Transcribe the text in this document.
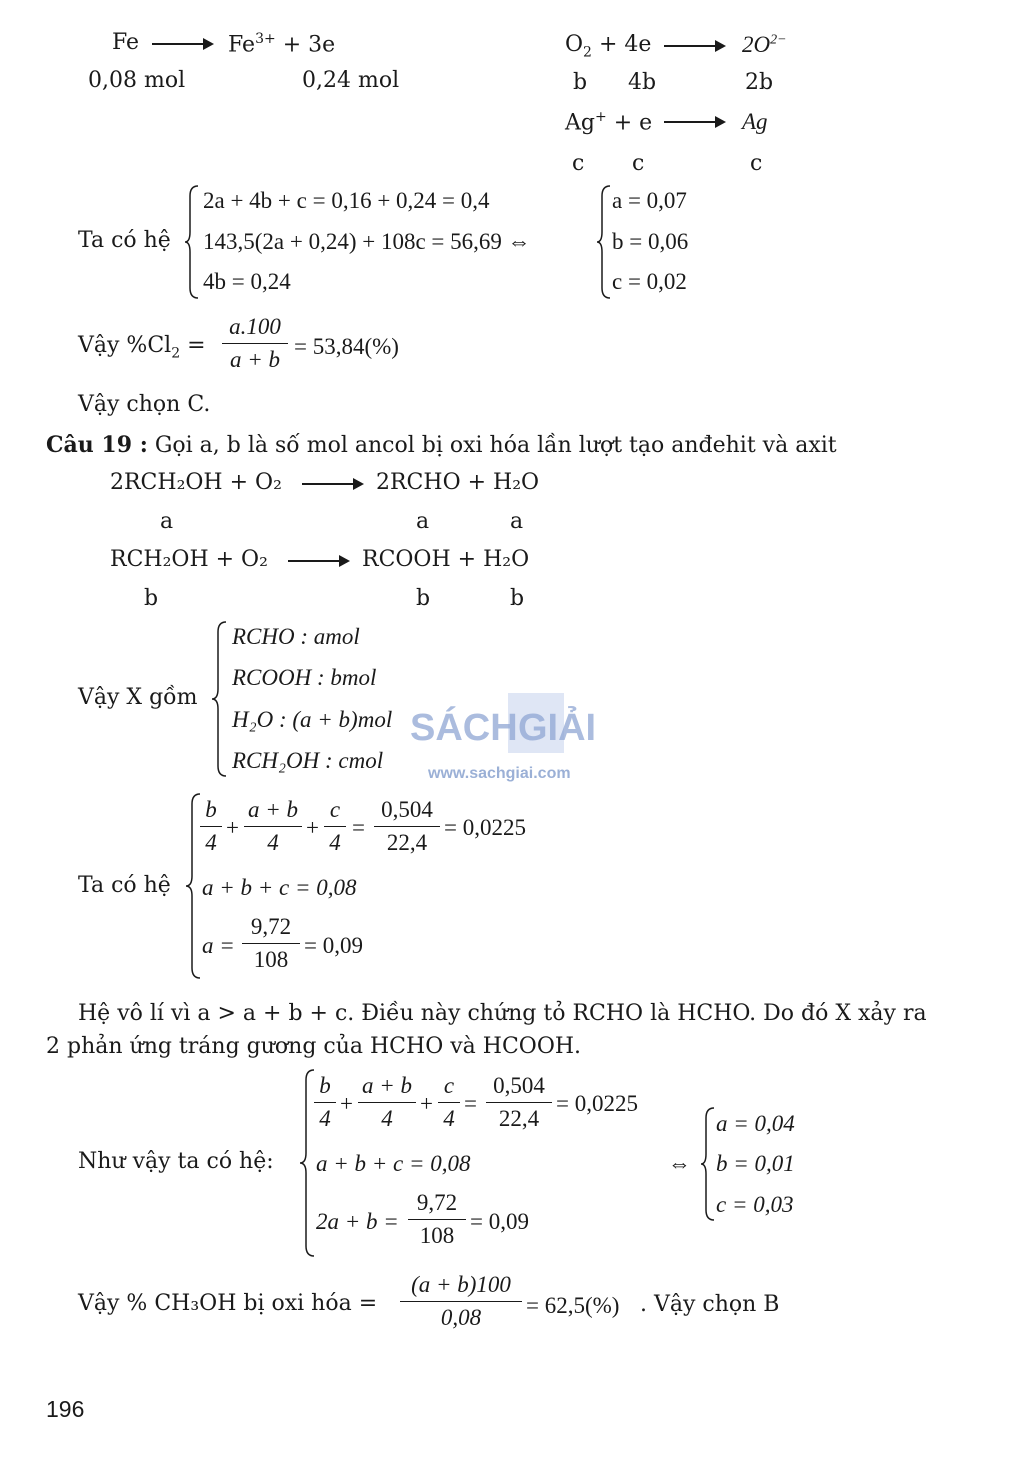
Fe	$Fe^{3+} + 3e$
0,08 mol	0,24 mol
$O_2 + 4e$	$2O^{2-}$
b 4b	2b
Ag+ + e	Ag
c c	c
Ta có hệ
2a + 4b + c = 0,16 + 0,24 = 0,4
143,5(2a + 0,24) + 108c = 56,69 ⇔
4b = 0,24
a = 0,07
b = 0,06
c = 0,02
Vậy $\%Cl_2$ =
a.100
a + b
= 53,84(%)
Vậy chọn C.
Câu 19 : Gọi a, b là số mol ancol bị oxi hóa lần lượt tạo anđehit và axit
2RCH₂OH + O₂	2RCHO + H₂O
a	a	a
RCH₂OH + O₂	RCOOH + H₂O
b	b	b
Vậy X gồm
RCHO : amol
RCOOH : bmol
H₂O : (a + b)mol
RCH₂OH : cmol
SÁCH GIẢI
www.sachgiai.com
Ta có hệ
b
4
+
a + b
4
+
c
4
=
0,504
22,4
= 0,0225
a + b + c = 0,08
a =
9,72
108
= 0,09
Hệ vô lí vì a > a + b + c. Điều này chứng tỏ RCHO là HCHO. Do đó X xảy ra
2 phản ứng tráng gương của HCHO và HCOOH.
Như vậy ta có hệ:
b
4
+
a + b
4
+
c
4
=
0,504
22,4
= 0,0225
a + b + c = 0,08
2a + b =
9,72
108
= 0,09
⇔
a = 0,04
b = 0,01
c = 0,03
Vậy % CH₃OH bị oxi hóa =
(a + b)100
0,08	= 62,5(%) . Vậy chọn B
196
